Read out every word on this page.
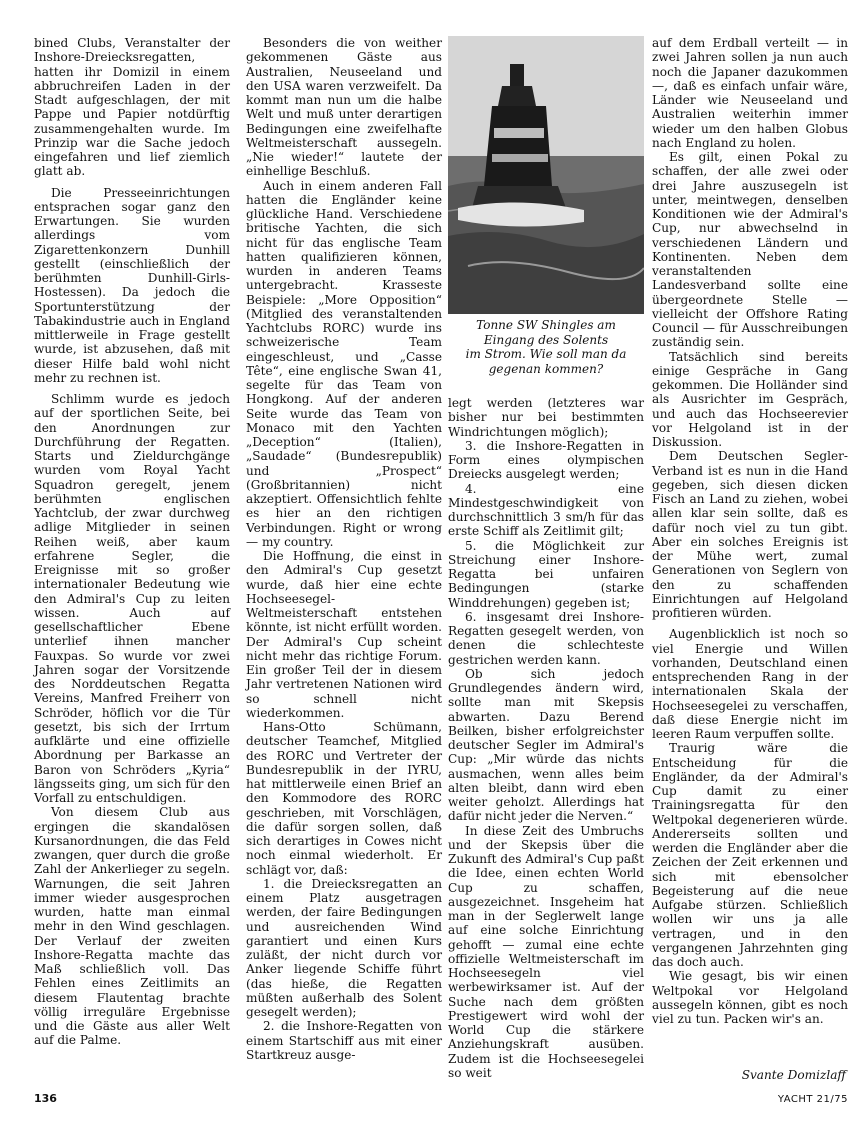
bined Clubs, Veranstalter der Inshore-Dreiecksregatten, hatten ihr Domizil in einem abbruchreifen Laden in der Stadt aufgeschlagen, der mit Pappe und Papier notdürftig zusammengehalten wurde. Im Prinzip war die Sache jedoch eingefahren und lief ziemlich glatt ab.

Die Presseeinrichtungen entsprachen sogar ganz den Erwartungen. Sie wurden allerdings vom Zigarettenkonzern Dunhill gestellt (einschließlich der berühmten Dunhill-Girls-Hostessen). Da jedoch die Sportunterstützung der Tabakindustrie auch in England mittlerweile in Frage gestellt wurde, ist abzusehen, daß mit dieser Hilfe bald wohl nicht mehr zu rechnen ist.

Schlimm wurde es jedoch auf der sportlichen Seite, bei den Anordnungen zur Durchführung der Regatten. Starts und Zieldurchgänge wurden vom Royal Yacht Squadron geregelt, jenem berühmten englischen Yachtclub, der zwar durchweg adlige Mitglieder in seinen Reihen weiß, aber kaum erfahrene Segler, die Ereignisse mit so großer internationaler Bedeutung wie den Admiral's Cup zu leiten wissen. Auch auf gesellschaftlicher Ebene unterlief ihnen mancher Fauxpas. So wurde vor zwei Jahren sogar der Vorsitzende des Norddeutschen Regatta Vereins, Manfred Freiherr von Schröder, höflich vor die Tür gesetzt, bis sich der Irrtum aufklärte und eine offizielle Abordnung per Barkasse an Baron von Schröders „Kyria“ längsseits ging, um sich für den Vorfall zu entschuldigen.

Von diesem Club aus ergingen die skandalösen Kursanordnungen, die das Feld zwangen, quer durch die große Zahl der Ankerlieger zu segeln. Warnungen, die seit Jahren immer wieder ausgesprochen wurden, hatte man einmal mehr in den Wind geschlagen. Der Verlauf der zweiten Inshore-Regatta machte das Maß schließlich voll. Das Fehlen eines Zeitlimits an diesem Flautentag brachte völlig irreguläre Ergebnisse und die Gäste aus aller Welt auf die Palme.

Besonders die von weither gekommenen Gäste aus Australien, Neuseeland und den USA waren verzweifelt. Da kommt man nun um die halbe Welt und muß unter derartigen Bedingungen eine zweifelhafte Weltmeisterschaft aussegeln. „Nie wieder!“ lautete der einhellige Beschluß.

Auch in einem anderen Fall hatten die Engländer keine glückliche Hand. Verschiedene britische Yachten, die sich nicht für das englische Team hatten qualifizieren können, wurden in anderen Teams untergebracht. Krasseste Beispiele: „More Opposition“ (Mitglied des veranstaltenden Yachtclubs RORC) wurde ins schweizerische Team eingeschleust, und „Casse Tête“, eine englische Swan 41, segelte für das Team von Hongkong. Auf der anderen Seite wurde das Team von Monaco mit den Yachten „Deception“ (Italien), „Saudade“ (Bundesrepublik) und „Prospect“ (Großbritannien) nicht akzeptiert. Offensichtlich fehlte es hier an den richtigen Verbindungen. Right or wrong — my country.

Die Hoffnung, die einst in den Admiral's Cup gesetzt wurde, daß hier eine echte Hochseesegel-Weltmeisterschaft entstehen könnte, ist nicht erfüllt worden. Der Admiral's Cup scheint nicht mehr das richtige Forum. Ein großer Teil der in diesem Jahr vertretenen Nationen wird so schnell nicht wiederkommen.

Hans-Otto Schümann, deutscher Teamchef, Mitglied des RORC und Vertreter der Bundesrepublik in der IYRU, hat mittlerweile einen Brief an den Kommodore des RORC geschrieben, mit Vorschlägen, die dafür sorgen sollen, daß sich derartiges in Cowes nicht noch einmal wiederholt. Er schlägt vor, daß:

1. die Dreiecksregatten an einem Platz ausgetragen werden, der faire Bedingungen und ausreichenden Wind garantiert und einen Kurs zuläßt, der nicht durch vor Anker liegende Schiffe führt (das hieße, die Regatten müßten außerhalb des Solent gesegelt werden);

2. die Inshore-Regatten von einem Startschiff aus mit einer Startkreuz ausge-

Tonne SW Shingles am
Eingang des Solents
im Strom. Wie soll man da
gegenan kommen?

legt werden (letzteres war bisher nur bei bestimmten Windrichtungen möglich);

3. die Inshore-Regatten in Form eines olympischen Dreiecks ausgelegt werden;

4. eine Mindestgeschwindigkeit von durchschnittlich 3 sm/h für das erste Schiff als Zeitlimit gilt;

5. die Möglichkeit zur Streichung einer Inshore-Regatta bei unfairen Bedingungen (starke Winddrehungen) gegeben ist;

6. insgesamt drei Inshore-Regatten gesegelt werden, von denen die schlechteste gestrichen werden kann.

Ob sich jedoch Grundlegendes ändern wird, sollte man mit Skepsis abwarten. Dazu Berend Beilken, bisher erfolgreichster deutscher Segler im Admiral's Cup: „Mir würde das nichts ausmachen, wenn alles beim alten bleibt, dann wird eben weiter geholzt. Allerdings hat dafür nicht jeder die Nerven.“

In diese Zeit des Umbruchs und der Skepsis über die Zukunft des Admiral's Cup paßt die Idee, einen echten World Cup zu schaffen, ausgezeichnet. Insgeheim hat man in der Seglerwelt lange auf eine solche Einrichtung gehofft — zumal eine echte offizielle Weltmeisterschaft im Hochseesegeln viel werbewirksamer ist. Auf der Suche nach dem größten Prestigewert wird wohl der World Cup die stärkere Anziehungskraft ausüben. Zudem ist die Hochseesegelei so weit

auf dem Erdball verteilt — in zwei Jahren sollen ja nun auch noch die Japaner dazukommen —, daß es einfach unfair wäre, Länder wie Neuseeland und Australien weiterhin immer wieder um den halben Globus nach England zu holen.

Es gilt, einen Pokal zu schaffen, der alle zwei oder drei Jahre auszusegeln ist unter, meintwegen, denselben Konditionen wie der Admiral's Cup, nur abwechselnd in verschiedenen Ländern und Kontinenten. Neben dem veranstaltenden Landesverband sollte eine übergeordnete Stelle — vielleicht der Offshore Rating Council — für Ausschreibungen zuständig sein.

Tatsächlich sind bereits einige Gespräche in Gang gekommen. Die Holländer sind als Ausrichter im Gespräch, und auch das Hochseerevier vor Helgoland ist in der Diskussion.

Dem Deutschen Segler-Verband ist es nun in die Hand gegeben, sich diesen dicken Fisch an Land zu ziehen, wobei allen klar sein sollte, daß es dafür noch viel zu tun gibt. Aber ein solches Ereignis ist der Mühe wert, zumal Generationen von Seglern von den zu schaffenden Einrichtungen auf Helgoland profitieren würden.

Augenblicklich ist noch so viel Energie und Willen vorhanden, Deutschland einen entsprechenden Rang in der internationalen Skala der Hochseesegelei zu verschaffen, daß diese Energie nicht im leeren Raum verpuffen sollte.

Traurig wäre die Entscheidung für die Engländer, da der Admiral's Cup damit zu einer Trainingsregatta für den Weltpokal degenerieren würde. Andererseits sollten und werden die Engländer aber die Zeichen der Zeit erkennen und sich mit ebensolcher Begeisterung auf die neue Aufgabe stürzen. Schließlich wollen wir uns ja alle vertragen, und in den vergangenen Jahrzehnten ging das doch auch.

Wie gesagt, bis wir einen Weltpokal vor Helgoland aussegeln können, gibt es noch viel zu tun. Packen wir's an.

Svante Domizlaff
136	YACHT 21/75
